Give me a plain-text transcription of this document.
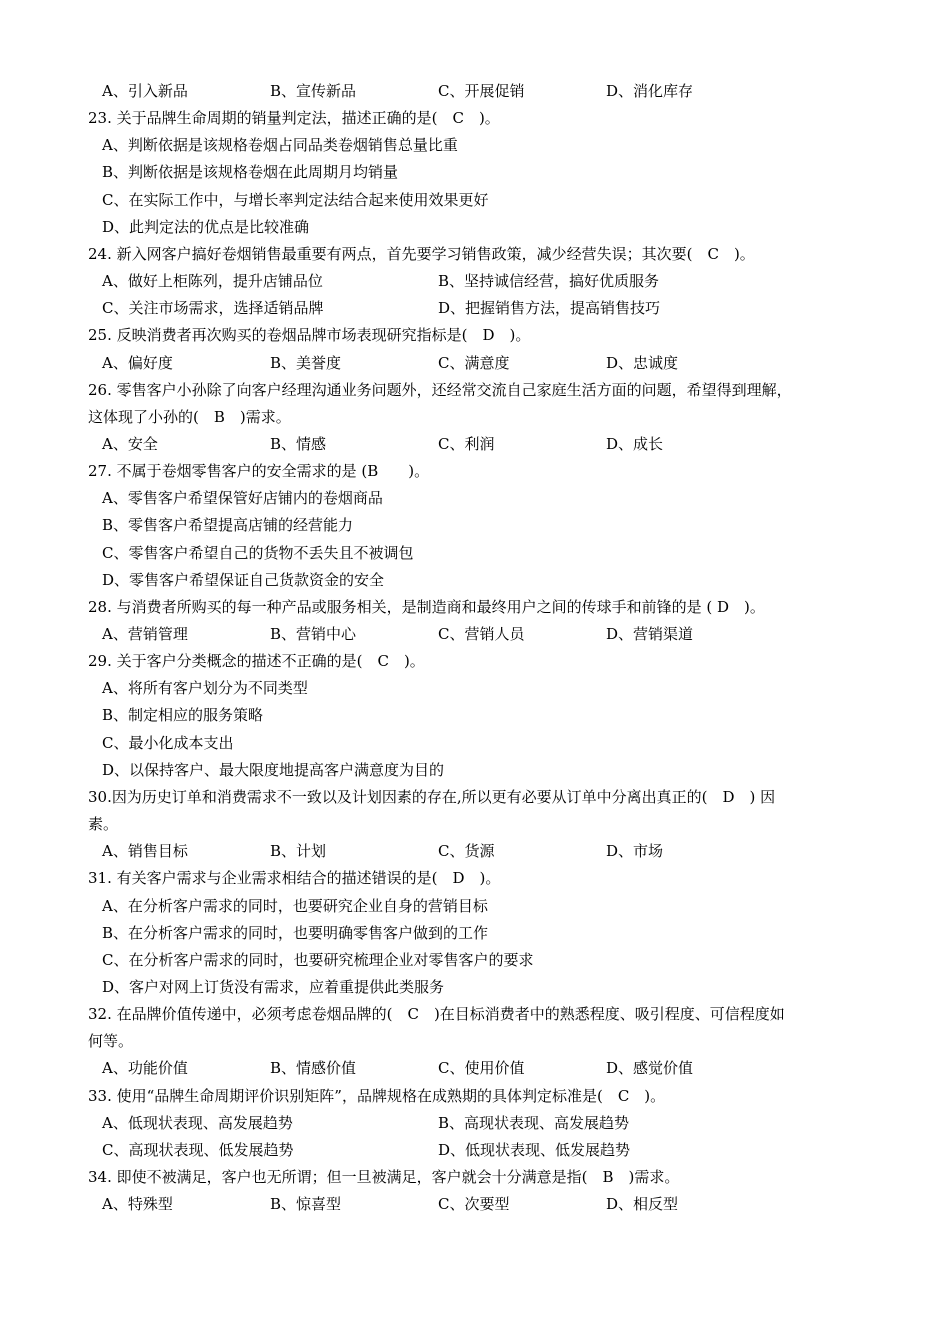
A、引入新品	B、宣传新品	C、开展促销	D、消化库存
23. 关于品牌生命周期的销量判定法，描述正确的是(　C　)。
A、判断依据是该规格卷烟占同品类卷烟销售总量比重
B、判断依据是该规格卷烟在此周期月均销量
C、在实际工作中，与增长率判定法结合起来使用效果更好
D、此判定法的优点是比较准确
24. 新入网客户搞好卷烟销售最重要有两点，首先要学习销售政策，减少经营失误；其次要(　C　)。
A、做好上柜陈列，提升店铺品位	B、坚持诚信经营，搞好优质服务
C、关注市场需求，选择适销品牌	D、把握销售方法，提高销售技巧
25. 反映消费者再次购买的卷烟品牌市场表现研究指标是(　D　)。
A、偏好度	B、美誉度	C、满意度	D、忠诚度
26. 零售客户小孙除了向客户经理沟通业务问题外，还经常交流自己家庭生活方面的问题，希望得到理解，
这体现了小孙的(　B　)需求。
A、安全	B、情感	C、利润	D、成长
27. 不属于卷烟零售客户的安全需求的是 (B　　)。
A、零售客户希望保管好店铺内的卷烟商品
B、零售客户希望提高店铺的经营能力
C、零售客户希望自己的货物不丢失且不被调包
D、零售客户希望保证自己货款资金的安全
28. 与消费者所购买的每一种产品或服务相关，是制造商和最终用户之间的传球手和前锋的是 ( D　)。
A、营销管理	B、营销中心	C、营销人员	D、营销渠道
29. 关于客户分类概念的描述不正确的是(　C　)。
A、将所有客户划分为不同类型
B、制定相应的服务策略
C、最小化成本支出
D、以保持客户、最大限度地提高客户满意度为目的
30.因为历史订单和消费需求不一致以及计划因素的存在,所以更有必要从订单中分离出真正的(　D　) 因
素。
A、销售目标	B、计划	C、货源	D、市场
31. 有关客户需求与企业需求相结合的描述错误的是(　D　)。
A、在分析客户需求的同时，也要研究企业自身的营销目标
B、在分析客户需求的同时，也要明确零售客户做到的工作
C、在分析客户需求的同时，也要研究梳理企业对零售客户的要求
D、客户对网上订货没有需求，应着重提供此类服务
32. 在品牌价值传递中，必须考虑卷烟品牌的(　C　)在目标消费者中的熟悉程度、吸引程度、可信程度如
何等。
A、功能价值	B、情感价值	C、使用价值	D、感觉价值
33. 使用“品牌生命周期评价识别矩阵”，品牌规格在成熟期的具体判定标准是(　C　)。
A、低现状表现、高发展趋势	B、高现状表现、高发展趋势
C、高现状表现、低发展趋势	D、低现状表现、低发展趋势
34. 即使不被满足，客户也无所谓；但一旦被满足，客户就会十分满意是指(　B　)需求。
A、特殊型	B、惊喜型	C、次要型	D、相反型
